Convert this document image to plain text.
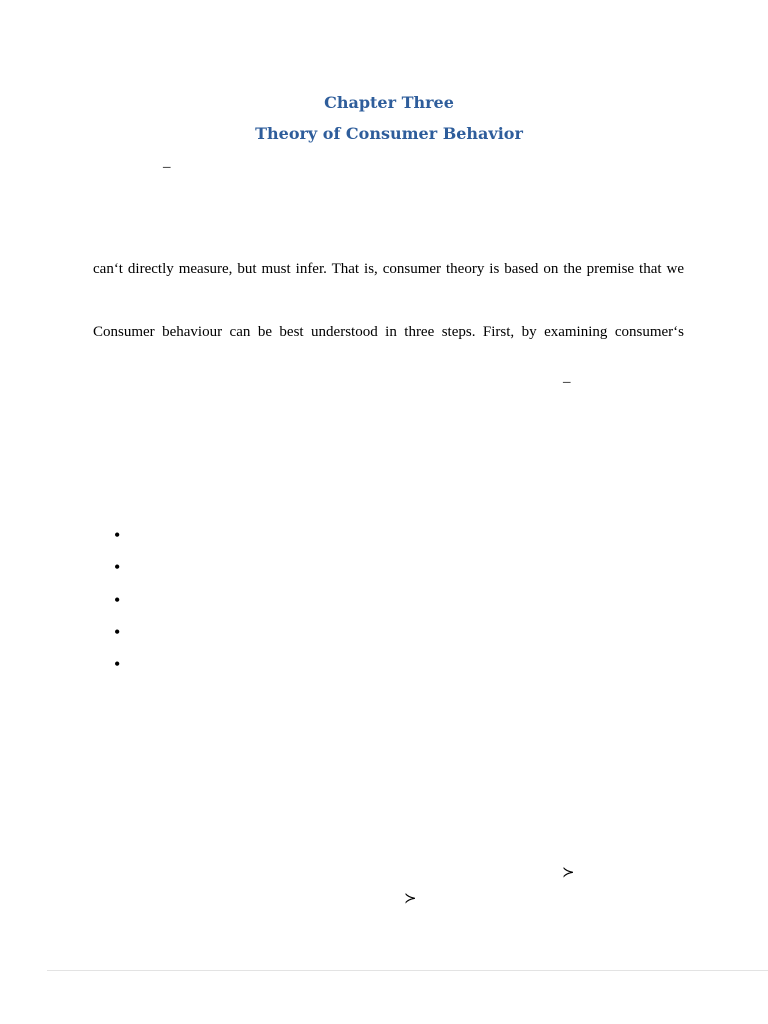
Chapter Three
Theory of Consumer Behavior
–
can‘t directly measure, but must infer. That is, consumer theory is based on the premise that we
Consumer behaviour can be best understood in three steps. First, by examining consumer‘s
–
•
•
•
•
•
≻
≻
